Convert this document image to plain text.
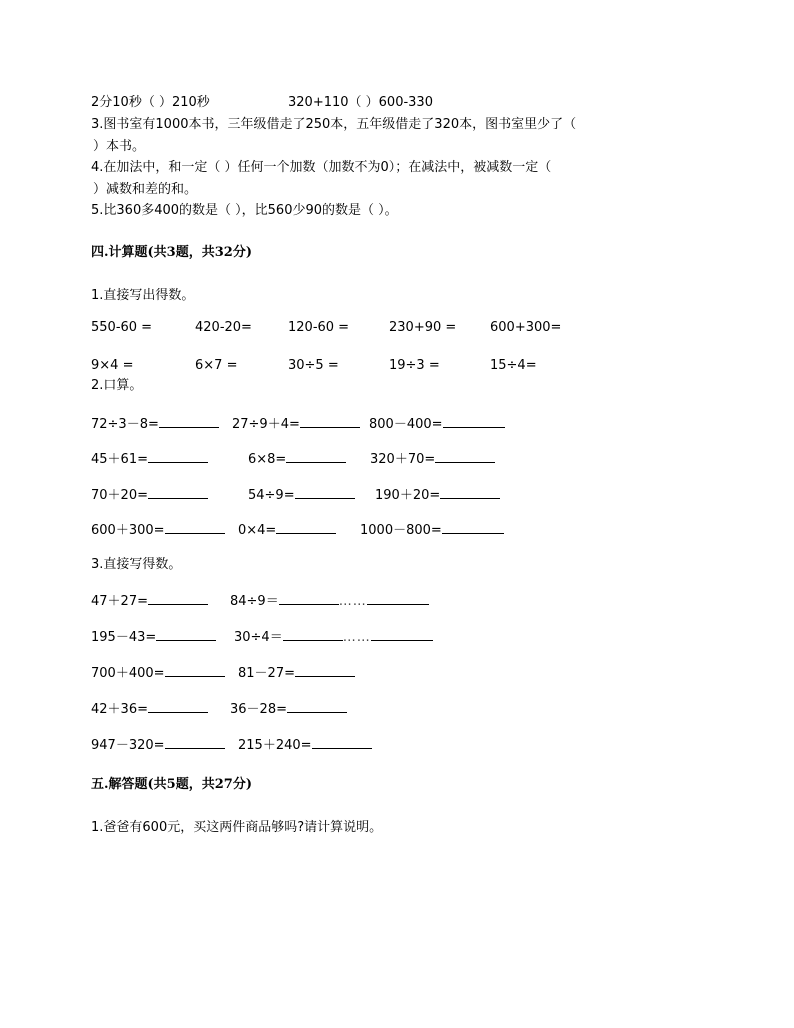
2分10秒（ ）210秒	320+110（ ）600-330
3.图书室有1000本书，三年级借走了250本，五年级借走了320本，图书室里少了（
）本书。
4.在加法中，和一定（ ）任何一个加数（加数不为0）；在减法中，被减数一定（
）减数和差的和。
5.比360多400的数是（ ），比560少90的数是（ ）。
四.计算题(共3题，共32分)
1.直接写出得数。
550-60 =	420-20=	120-60 =	230+90 =	600+300=
9×4 =	6×7 =	30÷5 =	19÷3 =	15÷4=
2.口算。
72÷3－8=	27÷9＋4=	800－400=
45＋61=	6×8=	320＋70=
70＋20=	54÷9=	190＋20=
600＋300=	0×4=	1000－800=
3.直接写得数。
47＋27=	84÷9＝	……
195－43=	30÷4＝	……
700＋400=	81－27=
42＋36=	36－28=
947－320=	215＋240=
五.解答题(共5题，共27分)
1.爸爸有600元，买这两件商品够吗?请计算说明。
